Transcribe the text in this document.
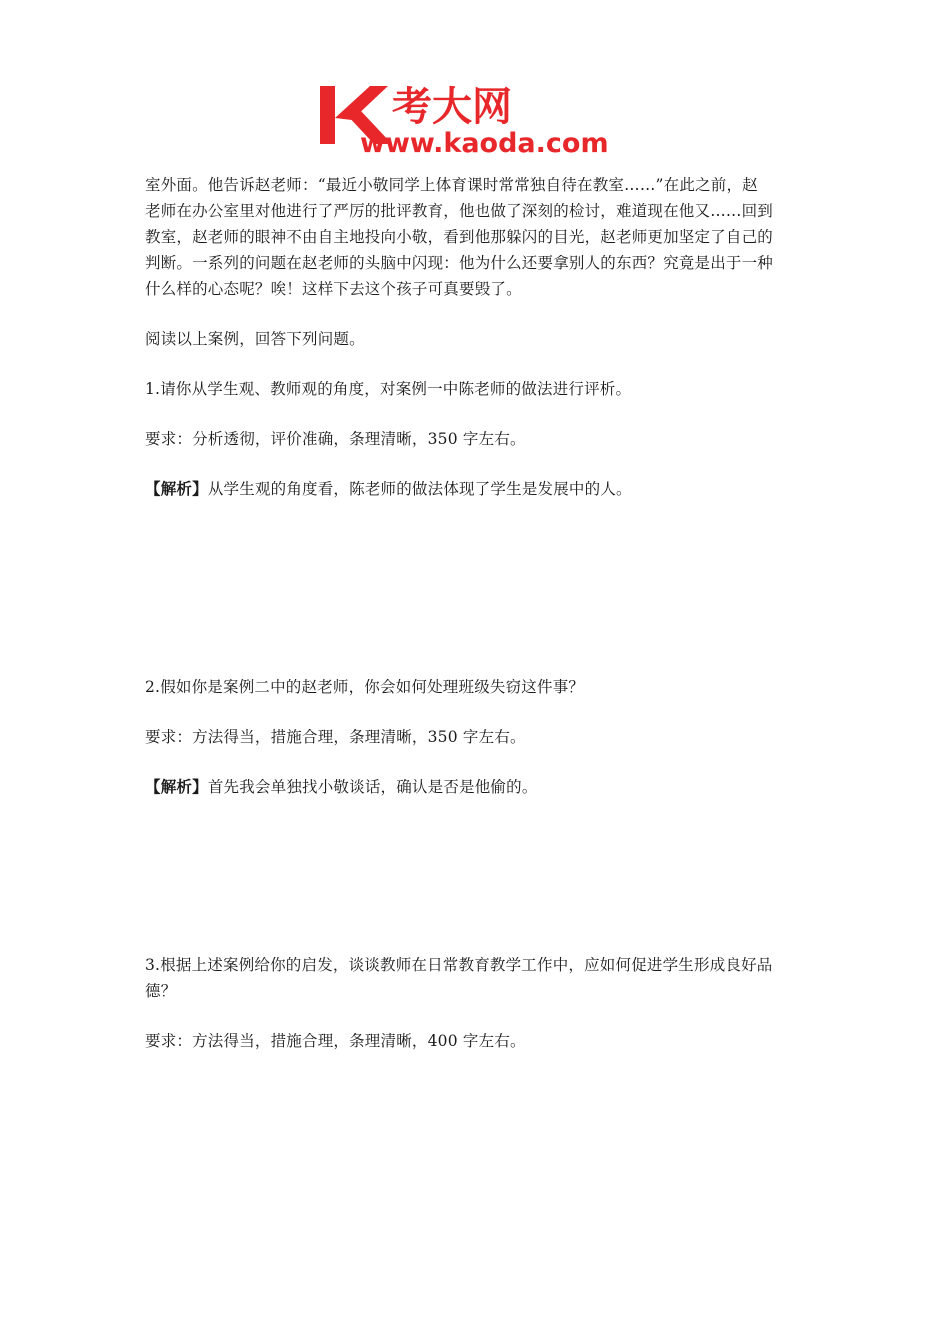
考大网
www.kaoda.com

室外面。他告诉赵老师：“最近小敬同学上体育课时常常独自待在教室……”在此之前，赵
老师在办公室里对他进行了严厉的批评教育，他也做了深刻的检讨，难道现在他又……回到
教室，赵老师的眼神不由自主地投向小敬，看到他那躲闪的目光，赵老师更加坚定了自己的
判断。一系列的问题在赵老师的头脑中闪现：他为什么还要拿别人的东西？究竟是出于一种
什么样的心态呢？唉！这样下去这个孩子可真要毁了。

阅读以上案例，回答下列问题。

1.请你从学生观、教师观的角度，对案例一中陈老师的做法进行评析。

要求：分析透彻，评价准确，条理清晰，350 字左右。

【解析】从学生观的角度看，陈老师的做法体现了学生是发展中的人。

2.假如你是案例二中的赵老师，你会如何处理班级失窃这件事？

要求：方法得当，措施合理，条理清晰，350 字左右。

【解析】首先我会单独找小敬谈话，确认是否是他偷的。

3.根据上述案例给你的启发，谈谈教师在日常教育教学工作中，应如何促进学生形成良好品
德？

要求：方法得当，措施合理，条理清晰，400 字左右。
